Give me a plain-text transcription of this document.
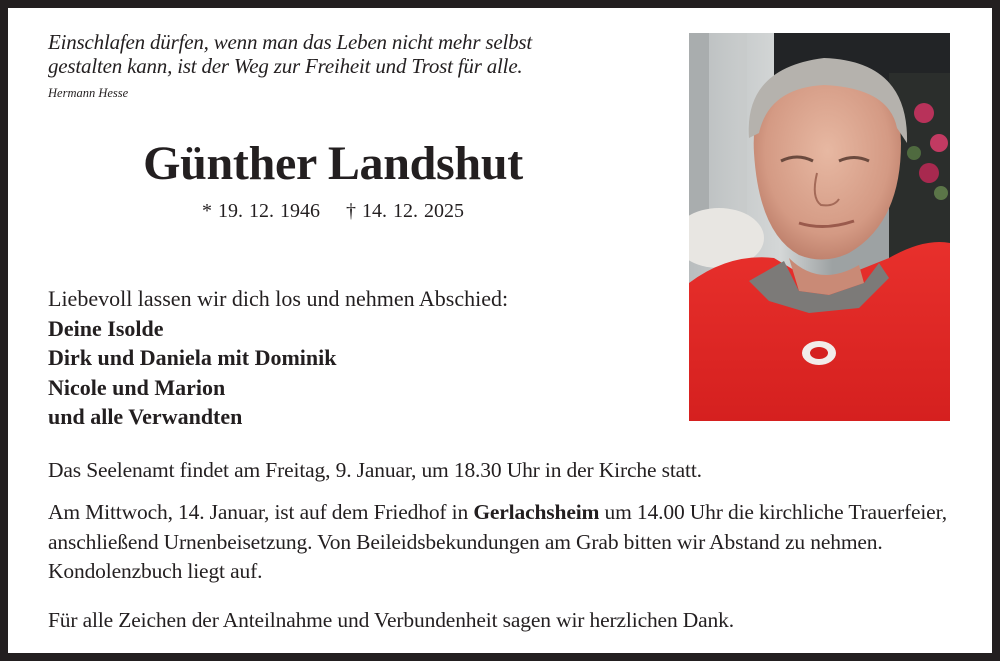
Einschlafen dürfen, wenn man das Leben nicht mehr selbst
gestalten kann, ist der Weg zur Freiheit und Trost für alle.
Hermann Hesse
Günther Landshut
* 19. 12. 1946 † 14. 12. 2025
Liebevoll lassen wir dich los und nehmen Abschied:
Deine Isolde
Dirk und Daniela mit Dominik
Nicole und Marion
und alle Verwandten
Das Seelenamt findet am Freitag, 9. Januar, um 18.30 Uhr in der Kirche statt.
Am Mittwoch, 14. Januar, ist auf dem Friedhof in Gerlachsheim um 14.00 Uhr die kirchliche Trauerfeier, anschließend Urnenbeisetzung. Von Beileidsbekundungen am Grab bitten wir Abstand zu nehmen. Kondolenzbuch liegt auf.
Für alle Zeichen der Anteilnahme und Verbundenheit sagen wir herzlichen Dank.
